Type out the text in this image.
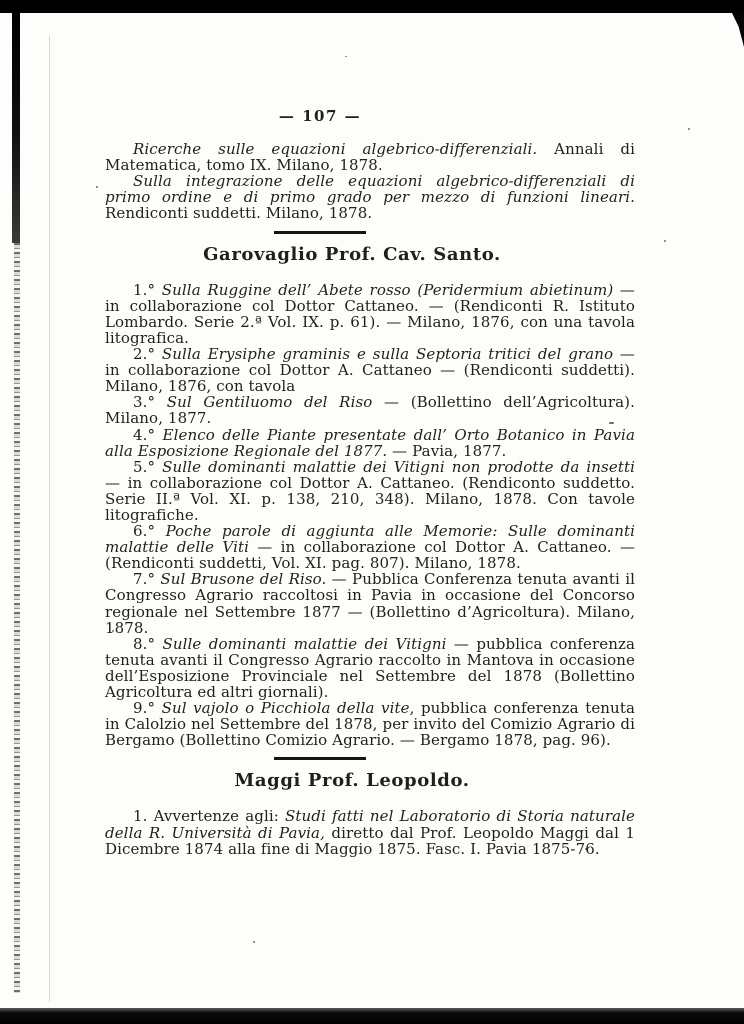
— 107 —

Ricerche sulle equazioni algebrico-differenziali. Annali di Matematica, tomo IX. Milano, 1878.

Sulla integrazione delle equazioni algebrico-differenziali di primo ordine e di primo grado per mezzo di funzioni lineari. Rendiconti suddetti. Milano, 1878.

Garovaglio Prof. Cav. Santo.

1.° Sulla Ruggine dell’ Abete rosso (Peridermium abietinum) — in collaborazione col Dottor Cattaneo. — (Rendiconti R. Istituto Lombardo. Serie 2.ª Vol. IX. p. 61). — Milano, 1876, con una tavola litografica.

2.° Sulla Erysiphe graminis e sulla Septoria tritici del grano — in collaborazione col Dottor A. Cattaneo — (Rendiconti suddetti). Milano, 1876, con tavola

3.° Sul Gentiluomo del Riso — (Bollettino dell’Agricoltura). Milano, 1877.

4.° Elenco delle Piante presentate dall’ Orto Botanico in Pavia alla Esposizione Regionale del 1877. — Pavia, 1877.

5.° Sulle dominanti malattie dei Vitigni non prodotte da insetti — in collaborazione col Dottor A. Cattaneo. (Rendiconto suddetto. Serie II.ª Vol. XI. p. 138, 210, 348). Milano, 1878. Con tavole litografiche.

6.° Poche parole di aggiunta alle Memorie: Sulle dominanti malattie delle Viti — in collaborazione col Dottor A. Cattaneo. — (Rendiconti suddetti, Vol. XI. pag. 807). Milano, 1878.

7.° Sul Brusone del Riso. — Pubblica Conferenza tenuta avanti il Congresso Agrario raccoltosi in Pavia in occasione del Concorso regionale nel Settembre 1877 — (Bollettino d’Agricoltura). Milano, 1878.

8.° Sulle dominanti malattie dei Vitigni — pubblica conferenza tenuta avanti il Congresso Agrario raccolto in Mantova in occasione dell’Esposizione Provinciale nel Settembre del 1878 (Bollettino Agricoltura ed altri giornali).

9.° Sul vajolo o Picchiola della vite, pubblica conferenza tenuta in Calolzio nel Settembre del 1878, per invito del Comizio Agrario di Bergamo (Bollettino Comizio Agrario. — Bergamo 1878, pag. 96).

Maggi Prof. Leopoldo.

1. Avvertenze agli: Studi fatti nel Laboratorio di Storia naturale della R. Università di Pavia, diretto dal Prof. Leopoldo Maggi dal 1 Dicembre 1874 alla fine di Maggio 1875. Fasc. I. Pavia 1875-76.
